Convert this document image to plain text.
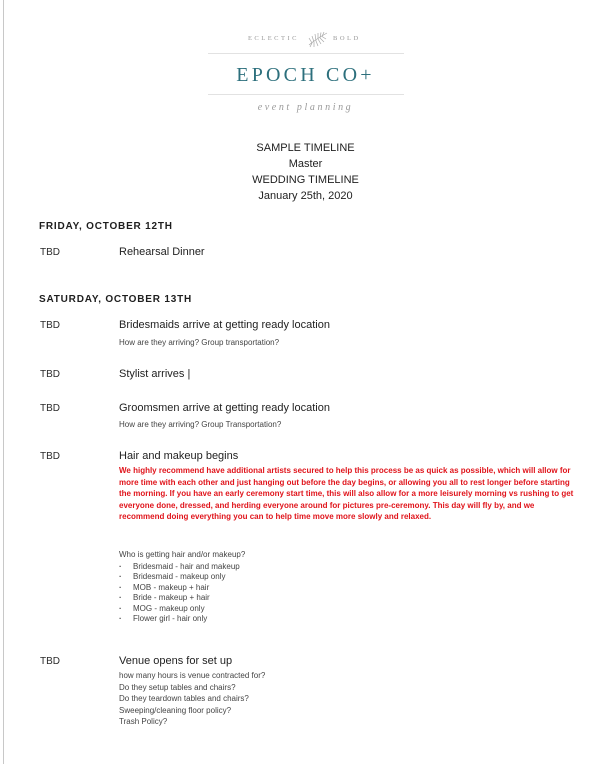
ECLECTIC	BOLD
EPOCH CO+
event planning
SAMPLE TIMELINE
Master
WEDDING TIMELINE
January 25th, 2020
FRIDAY, OCTOBER 12TH
TBD	Rehearsal Dinner
SATURDAY, OCTOBER 13TH
TBD	Bridesmaids arrive at getting ready location
How are they arriving? Group transportation?
TBD	Stylist arrives |
TBD	Groomsmen arrive at getting ready location
How are they arriving? Group Transportation?
TBD	Hair and makeup begins
We highly recommend have additional artists secured to help this process be as quick as possible, which will allow for more time with each other and just hanging out before the day begins, or allowing you all to rest longer before starting the morning. If you have an early ceremony start time, this will also allow for a more leisurely morning vs rushing to get everyone done, dressed, and herding everyone around for pictures pre-ceremony. This day will fly by, and we recommend doing everything you can to help time move more slowly and relaxed.
Who is getting hair and/or makeup?
· Bridesmaid - hair and makeup
· Bridesmaid - makeup only
· MOB - makeup + hair
· Bride - makeup + hair
· MOG - makeup only
· Flower girl - hair only
TBD	Venue opens for set up
how many hours is venue contracted for?
Do they setup tables and chairs?
Do they teardown tables and chairs?
Sweeping/cleaning floor policy?
Trash Policy?
